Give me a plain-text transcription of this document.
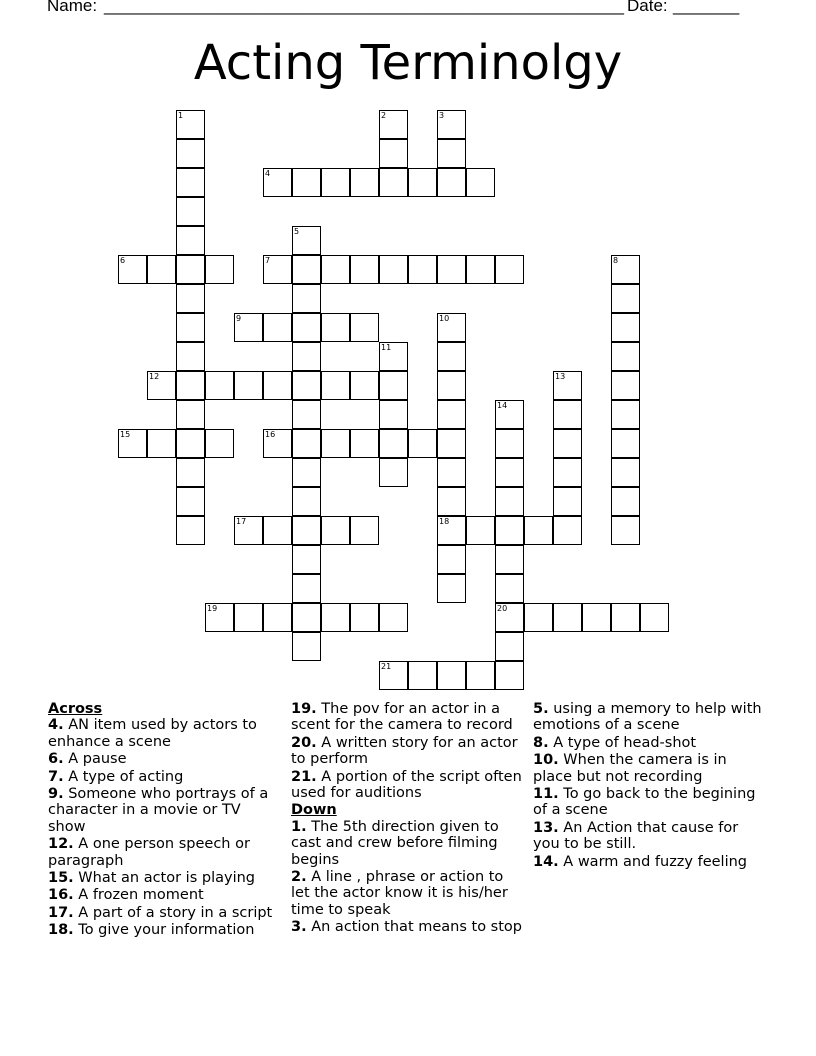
Name: _______________________________________________________ Date: _______
Acting Terminolgy
1	2	3
4
5
6	7	8
9	10
18
11
12	13
14
20
15	16
17
19
21
Across
4. AN item used by actors to enhance a scene
6. A pause
7. A type of acting
9. Someone who portrays of a character in a movie or TV show
12. A one person speech or paragraph
15. What an actor is playing
16. A frozen moment
17. A part of a story in a script
18. To give your information
19. The pov for an actor in a scent for the camera to record
20. A written story for an actor to perform
21. A portion of the script often used for auditions
Down
1. The 5th direction given to cast and crew before filming begins
2. A line , phrase or action to let the actor know it is his/her time to speak
3. An action that means to stop
5. using a memory to help with emotions of a scene
8. A type of head-shot
10. When the camera is in place but not recording
11. To go back to the begining of a scene
13. An Action that cause for you to be still.
14. A warm and fuzzy feeling
